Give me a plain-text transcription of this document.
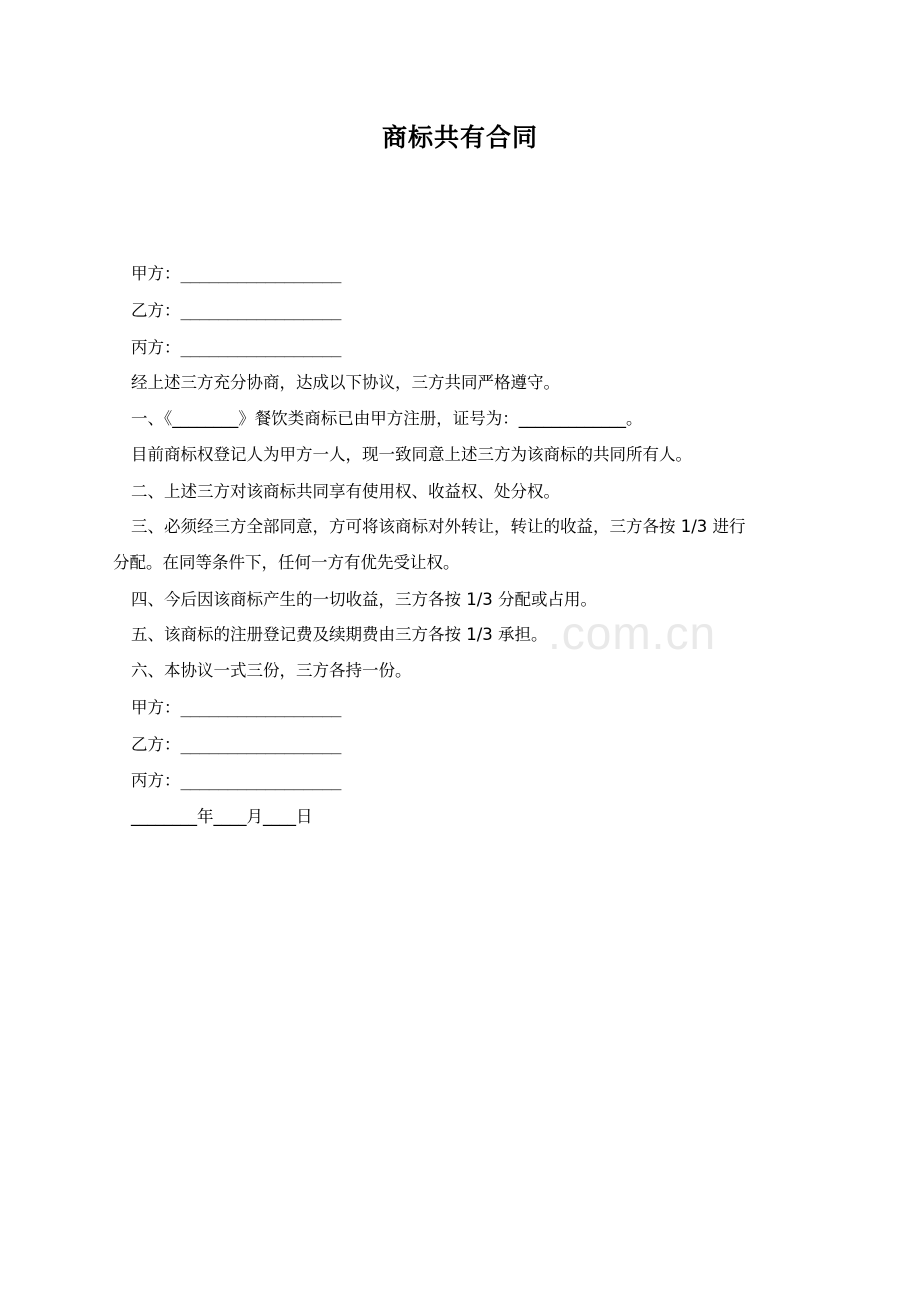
.com.cn
商标共有合同
甲方：_________________
乙方：_________________
丙方：_________________
经上述三方充分协商，达成以下协议，三方共同严格遵守。
一、《________》餐饮类商标已由甲方注册，证号为：_____________。
目前商标权登记人为甲方一人，现一致同意上述三方为该商标的共同所有人。
二、上述三方对该商标共同享有使用权、收益权、处分权。
三、必须经三方全部同意，方可将该商标对外转让，转让的收益，三方各按 1/3 进行
分配。在同等条件下，任何一方有优先受让权。
四、今后因该商标产生的一切收益，三方各按 1/3 分配或占用。
五、该商标的注册登记费及续期费由三方各按 1/3 承担。
六、本协议一式三份，三方各持一份。
甲方：_________________
乙方：_________________
丙方：_________________
________年____月____日
